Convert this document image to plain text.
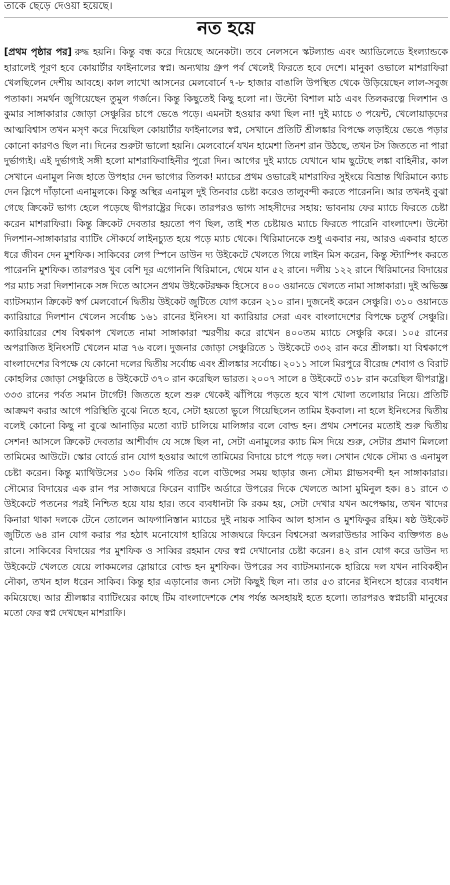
তাকে ছেড়ে দেওয়া হয়েছে।

নত হয়ে

[প্রথম পৃষ্ঠার পর] রুদ্ধ হয়নি। কিন্তু বন্ধ করে দিয়েছে অনেকটা। তবে নেলসনে স্কটল্যান্ড এবং অ্যাডিলেডে ইংল্যান্ডকে হারালেই পূরণ হবে কোয়ার্টার ফাইনালের স্বপ্ন। অন্যথায় গ্রুপ পর্ব খেলেই ফিরতে হবে দেশে। মানুকা ওভালে মাশরাফিরা খেলছিলেন দেশীয় আবহে। কাল লাখো আসনের মেলবোর্নে ৭-৮ হাজার বাঙালি উপস্থিত থেকে উড়িয়েছেন লাল-সবুজ পতাকা। সমর্থন জুগিয়েছেন তুমুল গর্জনে। কিন্তু কিছুতেই কিছু হলো না। উল্টো বিশাল মাঠ এবং তিলকরত্নে দিলশান ও কুমার সাঙ্গাকারার জোড়া সেঞ্চুরির চাপে ভেঙে পড়ে। এমনটা হওয়ার কথা ছিল না! দুই ম্যাচে ৩ পয়েন্ট, খেলোয়াড়দের আত্মবিশ্বাস তখন মসৃণ করে দিয়েছিল কোয়ার্টার ফাইনালের স্বপ্ন, সেখানে প্রতিটি শ্রীলঙ্কার বিপক্ষে লড়াইয়ে ভেঙে পড়ার কোনো কারণও ছিল না। দিনের শুরুটা ভালো হয়নি। মেলবোর্নে যখন হামেশা তিনশ রান উঠছে, তখন টস জিততে না পারা দুর্ভাগ্যই। এই দুর্ভাগ্যই সঙ্গী হলো মাশরাফিবাহিনীর পুরো দিন। আগের দুই ম্যাচে যেখানে ঘাম ছুটেছে লঙ্কা বাহিনীর, কাল সেখানে এনামুল নিজ হাতে উপহার দেন ভাগ্যের তিলক! ম্যাচের প্রথম ওভারেই মাশরাফির সুইংয়ে বিভ্রান্ত থিরিমানে ক্যাচ দেন স্লিপে দাঁড়ানো এনামুলকে। কিন্তু অস্থির এনামুল দুই তিনবার চেষ্টা করেও তালুবন্দী করতে পারেননি। আর তখনই বুঝা গেছে ক্রিকেট ভাগ্য হেলে পড়েছে দ্বীপরাষ্ট্রের দিকে। তারপরও ভাগ্য সাহসীদের সহায়: ভাবনায় ফের ম্যাচে ফিরতে চেষ্টা করেন মাশরাফিরা। কিন্তু ক্রিকেট দেবতার হয়তো পণ ছিল, তাই শত চেষ্টায়ও ম্যাচে ফিরতে পারেনি বাংলাদেশ। উল্টো দিলশান-সাঙ্গাকারার ব্যাটিং সৌকর্যে লাইনচ্যুত হয়ে পড়ে ম্যাচ থেকে। থিরিমানেকে শুধু একবার নয়, আরও একবার হাতে ধরে জীবন দেন মুশফিক। সাকিবের লেগ স্পিনে ডাউন দ্য উইকেটে খেলতে গিয়ে লাইন মিস করেন, কিন্তু স্ট্যাম্পিং করতে পারেননি মুশফিক। তারপরও খুব বেশি দূর এগোননি থিরিমানে, থেমে যান ৫২ রানে। দলীয় ১২২ রানে থিরিমানের বিদায়ের পর ম্যাচ সরা দিলশানকে সঙ্গ দিতে আসেন প্রথম উইকেটরক্ষক হিসেবে ৪০০ ওয়ানডে খেলতে নামা সাঙ্গাকারা। দুই অভিজ্ঞ ব্যাটসম্যান ক্রিকেট স্বর্গ মেলবোর্নে দ্বিতীয় উইকেট জুটিতে যোগ করেন ২১০ রান। দুজনেই করেন সেঞ্চুরি। ৩১০ ওয়ানডে ক্যারিয়ারে দিলশান খেলেন সর্বোচ্চ ১৬১ রানের ইনিংস। যা ক্যারিয়ার সেরা এবং বাংলাদেশের বিপক্ষে চতুর্থ সেঞ্চুরি। ক্যারিয়ারের শেষ বিশ্বকাপ খেলতে নামা সাঙ্গাকারা স্মরণীয় করে রাখেন ৪০০তম ম্যাচে সেঞ্চুরি করে। ১০৫ রানের অপরাজিত ইনিংসটি খেলেন মাত্র ৭৬ বলে। দুজনার জোড়া সেঞ্চুরিতে ১ উইকেটে ৩৩২ রান করে শ্রীলঙ্কা। যা বিশ্বকাপে বাংলাদেশের বিপক্ষে যে কোনো দলের দ্বিতীয় সর্বোচ্চ এবং শ্রীলঙ্কার সর্বোচ্চ। ২০১১ সালে মিরপুরে বীরেন্দ্র শেবাগ ও বিরাট কোহলির জোড়া সেঞ্চুরিতে ৪ উইকেটে ৩৭০ রান করেছিল ভারত। ২০০৭ সালে ৪ উইকেটে ৩১৮ রান করেছিল দ্বীপরাষ্ট্র। ৩৩৩ রানের পর্বত সমান টার্গেট! জিততে হলে শুরু থেকেই ঝাঁপিয়ে পড়তে হবে খাপ খোলা তলোয়ার নিয়ে। প্রতিটি আক্রমণ করার আগে পরিস্থিতি বুঝে নিতে হবে, সেটা হয়তো ভুলে গিয়েছিলেন তামিম ইকবাল। না হলে ইনিংসের দ্বিতীয় বলেই কোনো কিছু না বুঝে আনাড়ির মতো ব্যাট চালিয়ে মালিঙ্গার বলে বোল্ড হন। প্রথম সেশনের মতোই শুরু দ্বিতীয় সেশন! আসলে ক্রিকেট দেবতার আশীর্বাদ যে সঙ্গে ছিল না, সেটা এনামুলের ক্যাচ মিস দিয়ে শুরু, সেটার প্রমাণ মিললো তামিমের আউটে। স্কোর বোর্ডে রান যোগ হওয়ার আগে তামিমের বিদায়ে চাপে পড়ে দল। সেখান থেকে সৌম্য ও এনামুল চেষ্টা করেন। কিন্তু ম্যাথিউসের ১৩০ কিমি গতির বলে বাউন্সের সময় ছাড়ার জন্য সৌম্য গ্লাভসবন্দী হন সাঙ্গাকারার। সৌম্যের বিদায়ের এক রান পর সাজঘরে ফিরেন ব্যাটিং অর্ডারে উপরের দিকে খেলতে আসা মুমিনুল হক। ৪১ রানে ৩ উইকেটে পতনের পরই নিশ্চিত হয়ে যায় হার। তবে ব্যবধানটা কি রকম হয়, সেটা দেখার যখন অপেক্ষায়, তখন খাদের কিনারা থাকা দলকে টেনে তোলেন আফগানিস্তান ম্যাচের দুই নায়ক সাকিব আল হাসান ও মুশফিকুর রহিম। ষষ্ঠ উইকেট জুটিতে ৬৪ রান যোগ করার পর হঠাৎ মনোযোগ হারিয়ে সাজঘরে ফিরেন বিশ্বসেরা অলরাউন্ডার সাকিব ব্যক্তিগত ৪৬ রানে। সাকিবের বিদায়ের পর মুশফিক ও সাব্বির রহমান ফের স্বপ্ন দেখানোর চেষ্টা করেন। ৪২ রান যোগ করে ডাউন দ্য উইকেটে খেলতে যেয়ে লাকমলের স্লোয়ারে বোল্ড হন মুশফিক। উপরের সব ব্যাটসম্যানকে হারিয়ে দল যখন নাবিকহীন নৌকা, তখন হাল ধরেন সাকিব। কিন্তু হার এড়ানোর জন্য সেটা কিছুই ছিল না। তার ৫৩ রানের ইনিংসে হারের ব্যবধান কমিয়েছে। আর শ্রীলঙ্কার ব্যাটিংয়ের কাছে টিম বাংলাদেশকে শেষ পর্যন্ত অসহায়ই হতে হলো। তারপরও স্বপ্নচারী মানুষের মতো ফের স্বপ্ন দেখছেন মাশরাফি।
